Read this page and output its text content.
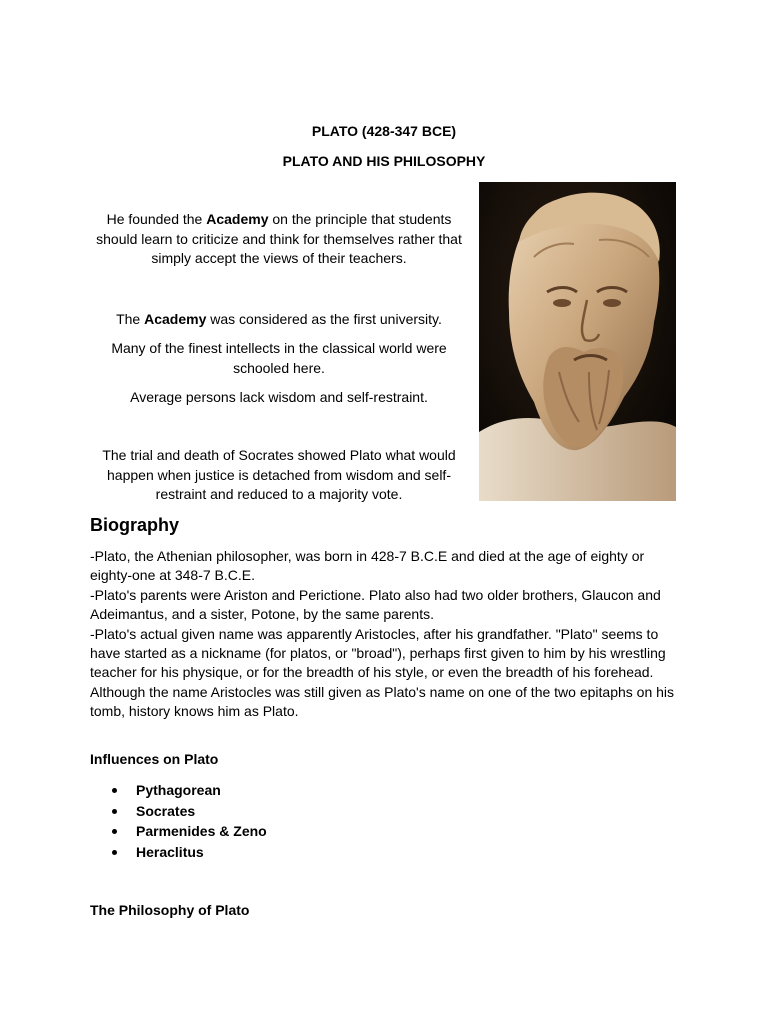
PLATO (428-347 BCE)
PLATO AND HIS PHILOSOPHY
He founded the Academy on the principle that students should learn to criticize and think for themselves rather that simply accept the views of their teachers.
The Academy was considered as the first university.
Many of the finest intellects in the classical world were schooled here.
Average persons lack wisdom and self-restraint.
The trial and death of Socrates showed Plato what would happen when justice is detached from wisdom and self-restraint and reduced to a majority vote.
Biography

-Plato, the Athenian philosopher, was born in 428-7 B.C.E and died at the age of eighty or eighty-one at 348-7 B.C.E.

-Plato's parents were Ariston and Perictione. Plato also had two older brothers, Glaucon and Adeimantus, and a sister, Potone, by the same parents.

-Plato's actual given name was apparently Aristocles, after his grandfather. "Plato" seems to have started as a nickname (for platos, or "broad"), perhaps first given to him by his wrestling teacher for his physique, or for the breadth of his style, or even the breadth of his forehead. Although the name Aristocles was still given as Plato's name on one of the two epitaphs on his tomb, history knows him as Plato.

Influences on Plato
Pythagorean
Socrates
Parmenides & Zeno
Heraclitus
The Philosophy of Plato
